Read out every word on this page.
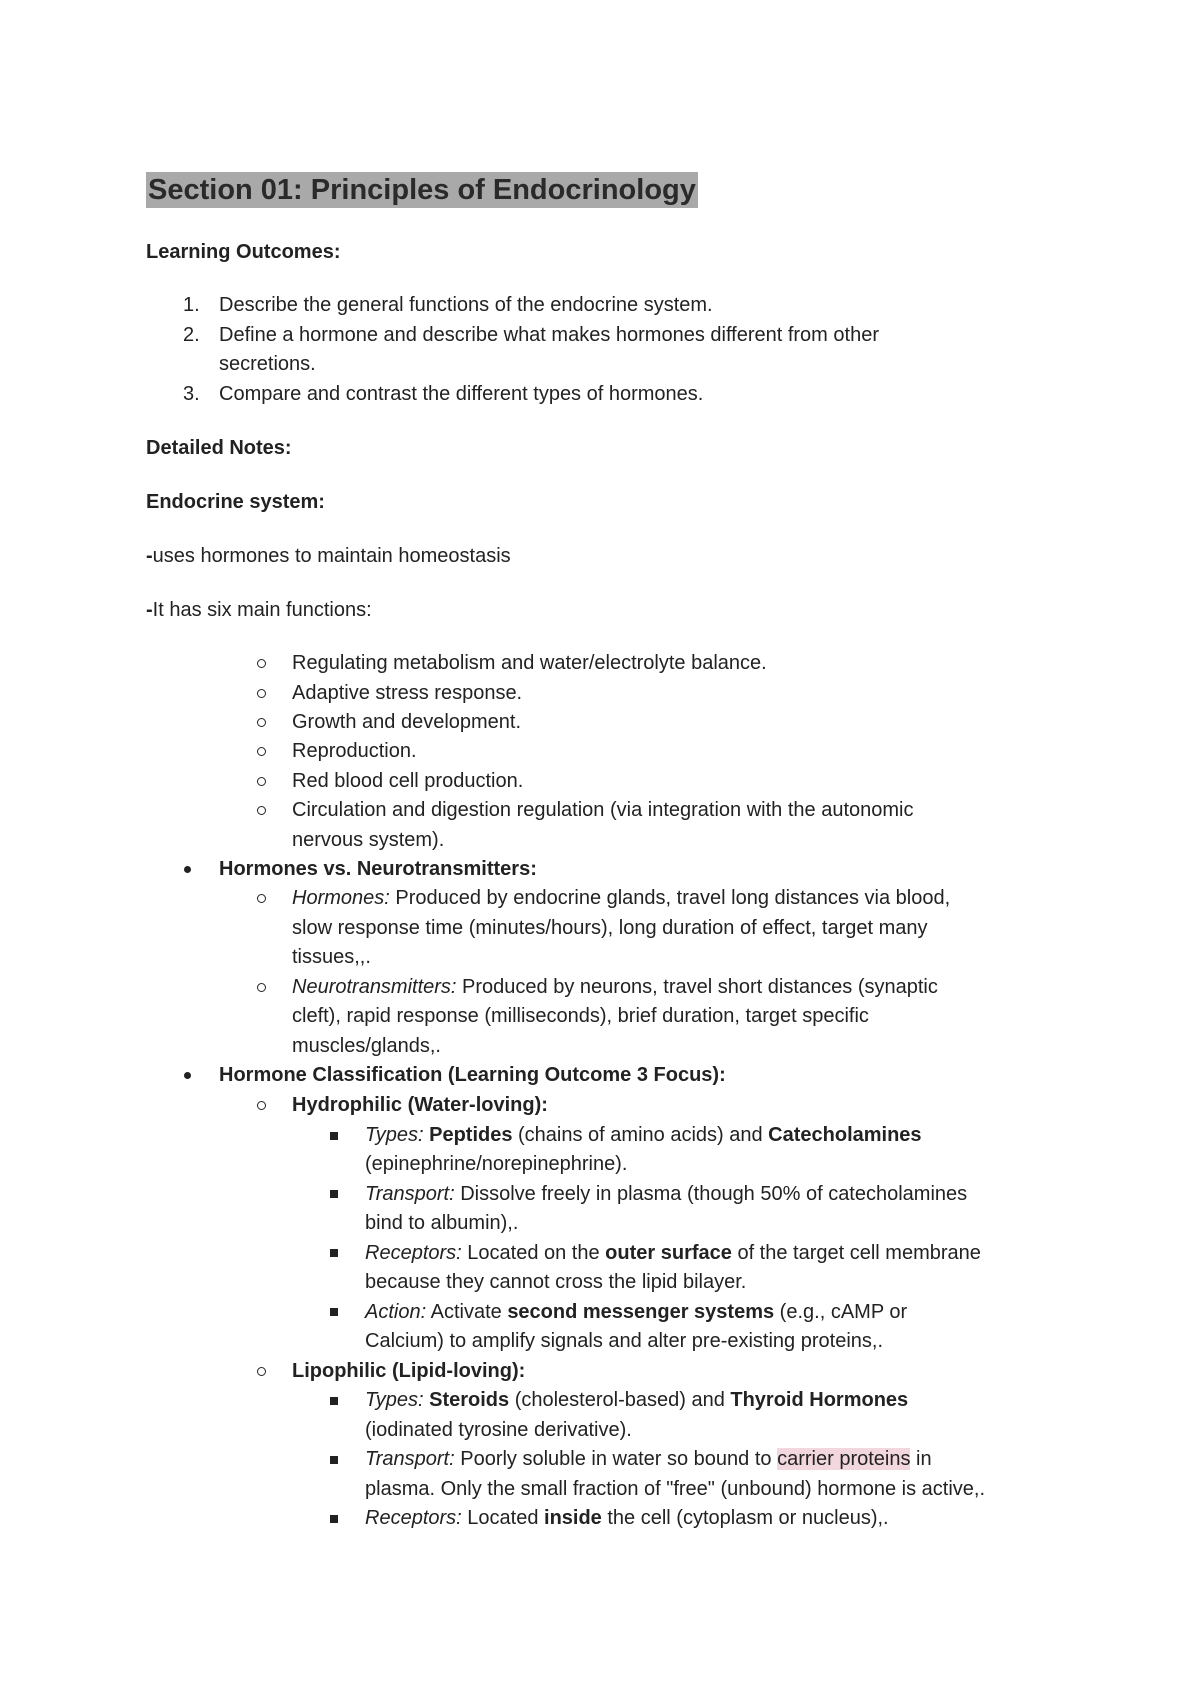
Section 01: Principles of Endocrinology
Learning Outcomes:
1. Describe the general functions of the endocrine system.
2. Define a hormone and describe what makes hormones different from other
secretions.
3. Compare and contrast the different types of hormones.
Detailed Notes:
Endocrine system:
-uses hormones to maintain homeostasis
-It has six main functions:
Regulating metabolism and water/electrolyte balance.
Adaptive stress response.
Growth and development.
Reproduction.
Red blood cell production.
Circulation and digestion regulation (via integration with the autonomic
nervous system).
Hormones vs. Neurotransmitters:
Hormones: Produced by endocrine glands, travel long distances via blood,
slow response time (minutes/hours), long duration of effect, target many
tissues,,.
Neurotransmitters: Produced by neurons, travel short distances (synaptic
cleft), rapid response (milliseconds), brief duration, target specific
muscles/glands,.
Hormone Classification (Learning Outcome 3 Focus):
Hydrophilic (Water-loving):
Types: Peptides (chains of amino acids) and Catecholamines
(epinephrine/norepinephrine).
Transport: Dissolve freely in plasma (though 50% of catecholamines
bind to albumin),.
Receptors: Located on the outer surface of the target cell membrane
because they cannot cross the lipid bilayer.
Action: Activate second messenger systems (e.g., cAMP or
Calcium) to amplify signals and alter pre-existing proteins,.
Lipophilic (Lipid-loving):
Types: Steroids (cholesterol-based) and Thyroid Hormones
(iodinated tyrosine derivative).
Transport: Poorly soluble in water so bound to carrier proteins in
plasma. Only the small fraction of "free" (unbound) hormone is active,.
Receptors: Located inside the cell (cytoplasm or nucleus),.
